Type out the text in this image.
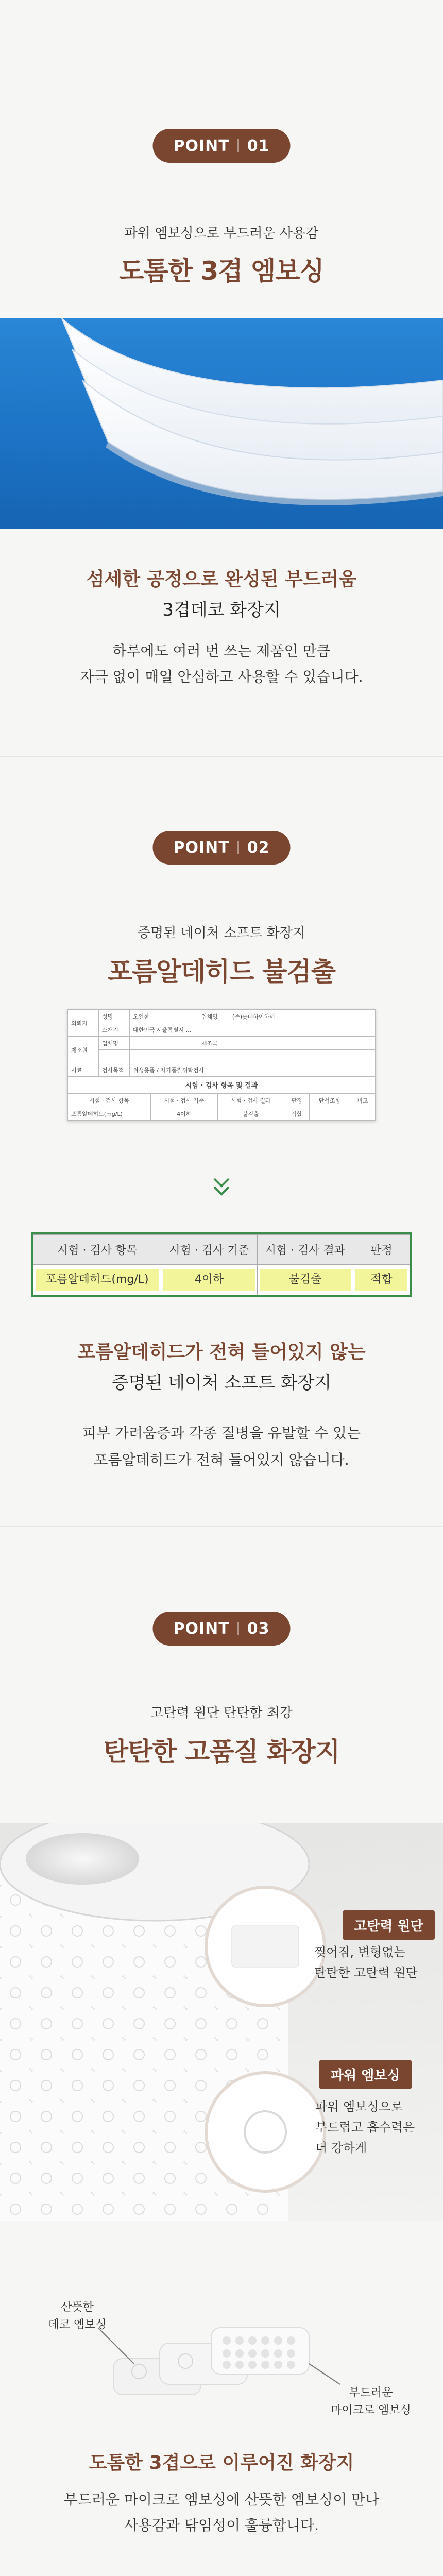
POINT 01
파워 엠보싱으로 부드러운 사용감
도톰한 3겹 엠보싱
섬세한 공정으로 완성된 부드러움
3겹데코 화장지
하루에도 여러 번 쓰는 제품인 만큼
자극 없이 매일 안심하고 사용할 수 있습니다.
POINT 02
증명된 네이처 소프트 화장지
포름알데히드 불검출
의뢰자	성명	오인한	업체명	(주)롯데하이하이
	소재지	대한민국 서울특별시 ...		
제조원	업체명		제조국	

시료	검사목적	위생용품 / 자가품질위탁검사		
시험 · 검사 항목 및 결과				
시험 · 검사 항목	시험 · 검사 기준	시험 · 검사 결과	판정	단서조항	비고
포름알데히드(mg/L)	4이하	불검출	적합		
시험 · 검사 항목	시험 · 검사 기준	시험 · 검사 결과	판정

포름알데히드(mg/L)	4이하	불검출	적합
포름알데히드가 전혀 들어있지 않는
증명된 네이처 소프트 화장지
피부 가려움증과 각종 질병을 유발할 수 있는
포름알데히드가 전혀 들어있지 않습니다.
POINT 03
고탄력 원단 탄탄함 최강
탄탄한 고품질 화장지
고탄력 원단
찢어짐, 변형없는
탄탄한 고탄력 원단
파워 엠보싱
파워 엠보싱으로
부드럽고 흡수력은
더 강하게
산뜻한
데코 엠보싱
부드러운
마이크로 엠보싱
도톰한 3겹으로 이루어진 화장지
부드러운 마이크로 엠보싱에 산뜻한 엠보싱이 만나
사용감과 닦임성이 훌륭합니다.
